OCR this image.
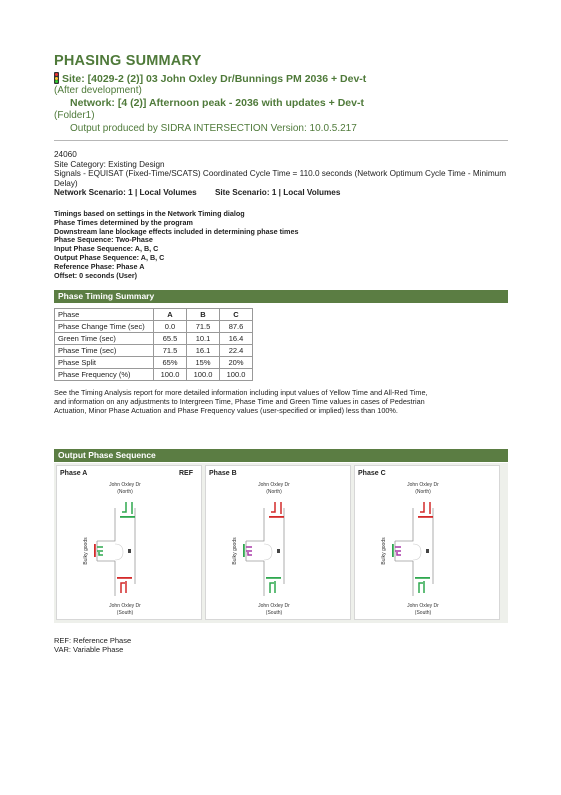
PHASING SUMMARY
Site: [4029-2 (2)] 03 John Oxley Dr/Bunnings PM 2036 + Dev-t
(After development)
Network: [4 (2)] Afternoon peak - 2036 with updates + Dev-t
(Folder1)
Output produced by SIDRA INTERSECTION Version: 10.0.5.217
24060
Site Category: Existing Design
Signals - EQUISAT (Fixed-Time/SCATS) Coordinated Cycle Time = 110.0 seconds (Network Optimum Cycle Time - Minimum Delay)
Network Scenario: 1 | Local Volumes Site Scenario: 1 | Local Volumes
Timings based on settings in the Network Timing dialog
Phase Times determined by the program
Downstream lane blockage effects included in determining phase times
Phase Sequence: Two-Phase
Input Phase Sequence: A, B, C
Output Phase Sequence: A, B, C
Reference Phase: Phase A
Offset: 0 seconds (User)
Phase Timing Summary
Phase	A	B	C
Phase Change Time (sec)	0.0	71.5	87.6
Green Time (sec)	65.5	10.1	16.4
Phase Time (sec)	71.5	16.1	22.4
Phase Split	65%	15%	20%
Phase Frequency (%)	100.0	100.0	100.0
See the Timing Analysis report for more detailed information including input values of Yellow Time and All-Red Time, and information on any adjustments to Intergreen Time, Phase Time and Green Time values in cases of Pedestrian Actuation, Minor Phase Actuation and Phase Frequency values (user-specified or implied) less than 100%.
Output Phase Sequence
Phase A	REF
John Oxley Dr
(North)
John Oxley Dr
(South)
Bulky goods
Phase B
John Oxley Dr
(North)
John Oxley Dr
(South)
Bulky goods
Phase C
John Oxley Dr
(North)
John Oxley Dr
(South)
Bulky goods
REF: Reference Phase
VAR: Variable Phase
